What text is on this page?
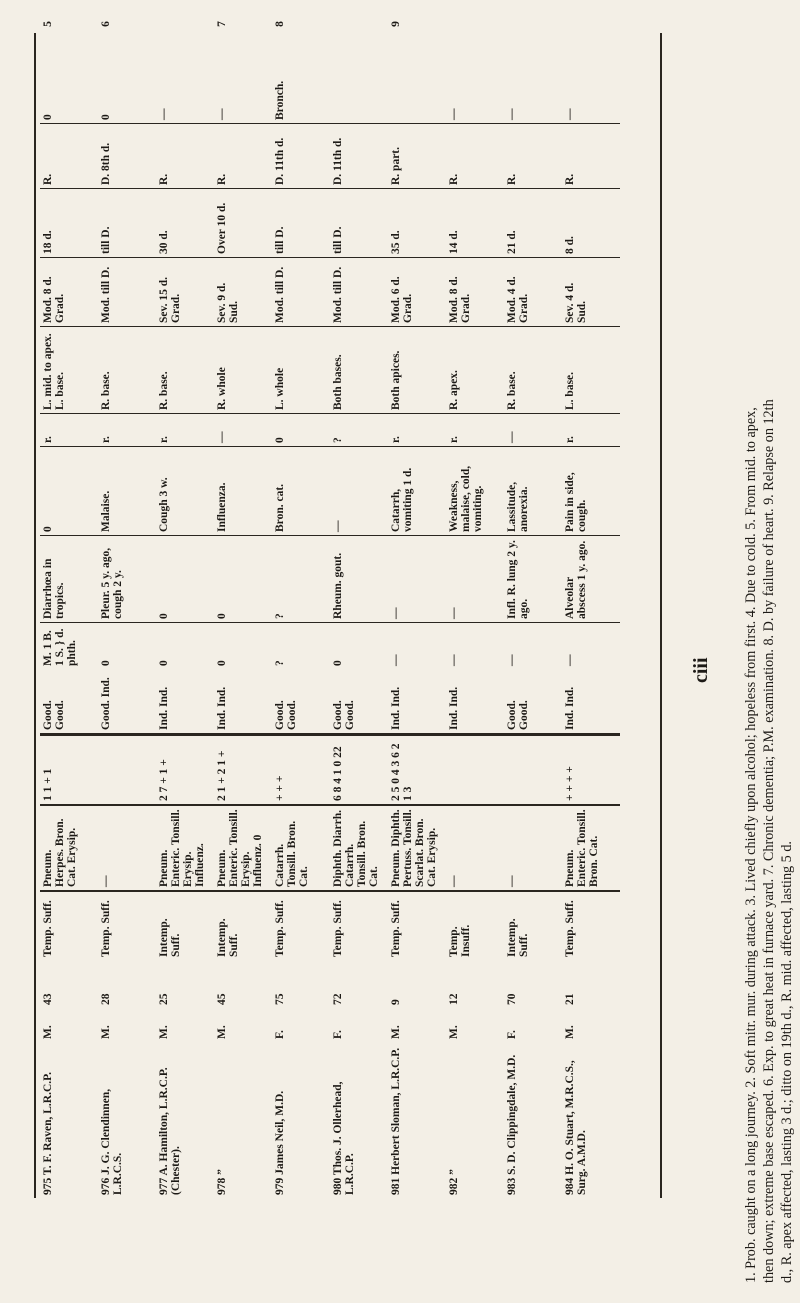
975 T. F. Raven, L.R.C.P.	M.	43	Temp. Suff.	Pneum. Herpes. Bron. Cat. Erysip.	1 1 + 1	Good. Good.	M. 1 B. 1 S. } d. phth.	Diarrhœa in tropics.	0	r.	L. mid. to apex. L. base.	Mod. 8 d. Grad.	18 d.	R.	0	5
976 J. G. Clendinnen, L.R.C.S.	M.	28	Temp. Suff.	—		Good. Ind.	0	Pleur. 5 y. ago, cough 2 y.	Malaise.	r.	R. base.	Mod. till D.	till D.	D. 8th d.	0	6
977 A. Hamilton, L.R.C.P. (Chester).	M.	25	Intemp. Suff.	Pneum. Enteric. Tonsill. Erysip. Influenz.	2 7 + 1 +	Ind. Ind.	0	0	Cough 3 w.	r.	R. base.	Sev. 15 d. Grad.	30 d.	R.	—	
978 ”	M.	45	Intemp. Suff.	Pneum. Enteric. Tonsill. Erysip. Influenz. 0	2 1 + 2 1 +	Ind. Ind.	0	0	Influenza.	—	R. whole	Sev. 9 d. Sud.	Over 10 d.	R.	—	7
979 James Neil, M.D.	F.	75	Temp. Suff.	Catarrh. Tonsill. Bron. Cat.	+ + +	Good. Good.	?	?	Bron. cat.	0	L. whole	Mod. till D.	till D.	D. 11th d.	Bronch.	8
980 Thos. J. Ollerhead, L.R.C.P.	F.	72	Temp. Suff.	Diphth. Diarrh. Catarrh. Tonsill. Bron. Cat.	6 8 4 1 0 22	Good. Good.	0	Rheum. gout.	—	?	Both bases.	Mod. till D.	till D.	D. 11th d.		
981 Herbert Sloman, L.R.C.P.	M.	9	Temp. Suff.	Pneum. Diphth. Pertuss. Tonsill. Scarlat. Bron. Cat. Erysip.	2 5 0 4 3 6 2 1 3	Ind. Ind.	—	—	Catarrh, vomiting 1 d.	r.	Both apices.	Mod. 6 d. Grad.	35 d.	R. part.		9
982 ”	M.	12	Temp. Insuff.	—		Ind. Ind.	—	—	Weakness, malaise, cold, vomiting.	r.	R. apex.	Mod. 8 d. Grad.	14 d.	R.	—	
983 S. D. Clippingdale, M.D.	F.	70	Intemp. Suff.	—		Good. Good.	—	Infl. R. lung 2 y. ago.	Lassitude, anorexia.	—	R. base.	Mod. 4 d. Grad.	21 d.	R.	—	
984 H. O. Stuart, M.R.C.S., Surg. A.M.D.	M.	21	Temp. Suff.	Pneum. Enteric. Tonsill. Bron. Cat.	+ + + +	Ind. Ind.	—	Alveolar abscess 1 y. ago.	Pain in side, cough.	r.	L. base.	Sev. 4 d. Sud.	8 d.	R.	—	
ciii 1. Prob. caught on a long journey. 2. Soft mitr. mur. during attack. 3. Lived chiefly upon alcohol; hopeless from first. 4. Due to cold. 5. From mid. to apex, then down; extreme base escaped. 6. Exp. to great heat in furnace yard. 7. Chronic dementia; P.M. examination. 8. D. by failure of heart. 9. Relapse on 12th d., R. apex affected, lasting 3 d.; ditto on 19th d., R. mid. affected, lasting 5 d.
